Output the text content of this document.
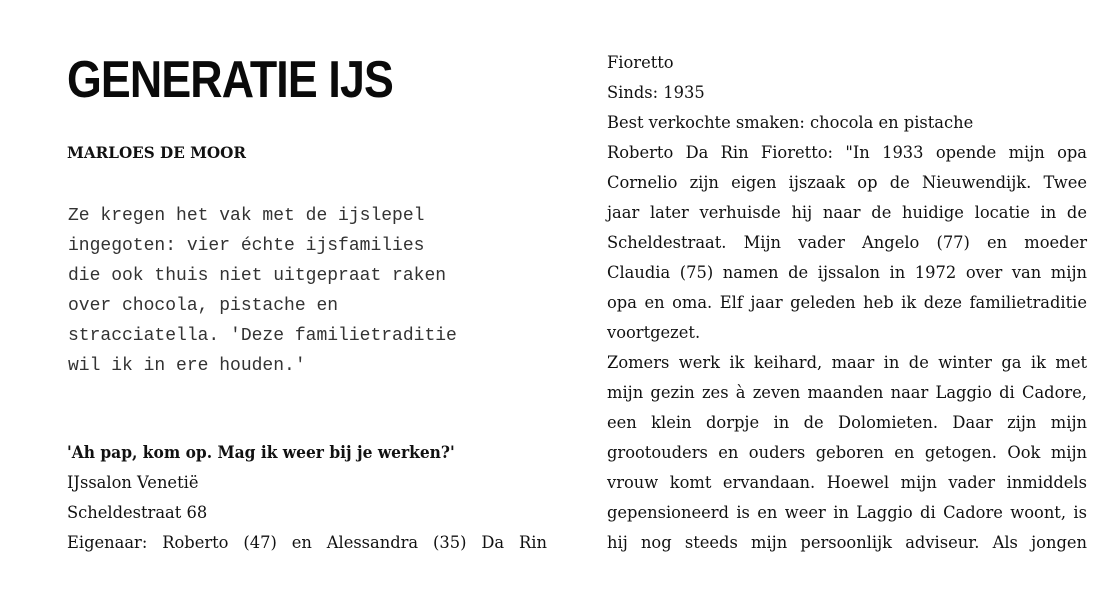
GENERATIE IJS
MARLOES DE MOOR
Ze kregen het vak met de ijslepel
ingegoten: vier échte ijsfamilies
die ook thuis niet uitgepraat raken
over chocola, pistache en
stracciatella. 'Deze familietraditie
wil ik in ere houden.'
'Ah pap, kom op. Mag ik weer bij je werken?'
IJssalon Venetië
Scheldestraat 68
Eigenaar: Roberto (47) en Alessandra (35) Da Rin
Fioretto
Sinds: 1935
Best verkochte smaken: chocola en pistache
Roberto Da Rin Fioretto: "In 1933 opende mijn opa
Cornelio zijn eigen ijszaak op de Nieuwendijk. Twee
jaar later verhuisde hij naar de huidige locatie in de
Scheldestraat. Mijn vader Angelo (77) en moeder
Claudia (75) namen de ijssalon in 1972 over van mijn
opa en oma. Elf jaar geleden heb ik deze familietraditie
voortgezet.
Zomers werk ik keihard, maar in de winter ga ik met
mijn gezin zes à zeven maanden naar Laggio di Cadore,
een klein dorpje in de Dolomieten. Daar zijn mijn
grootouders en ouders geboren en getogen. Ook mijn
vrouw komt ervandaan. Hoewel mijn vader inmiddels
gepensioneerd is en weer in Laggio di Cadore woont, is
hij nog steeds mijn persoonlijk adviseur. Als jongen
